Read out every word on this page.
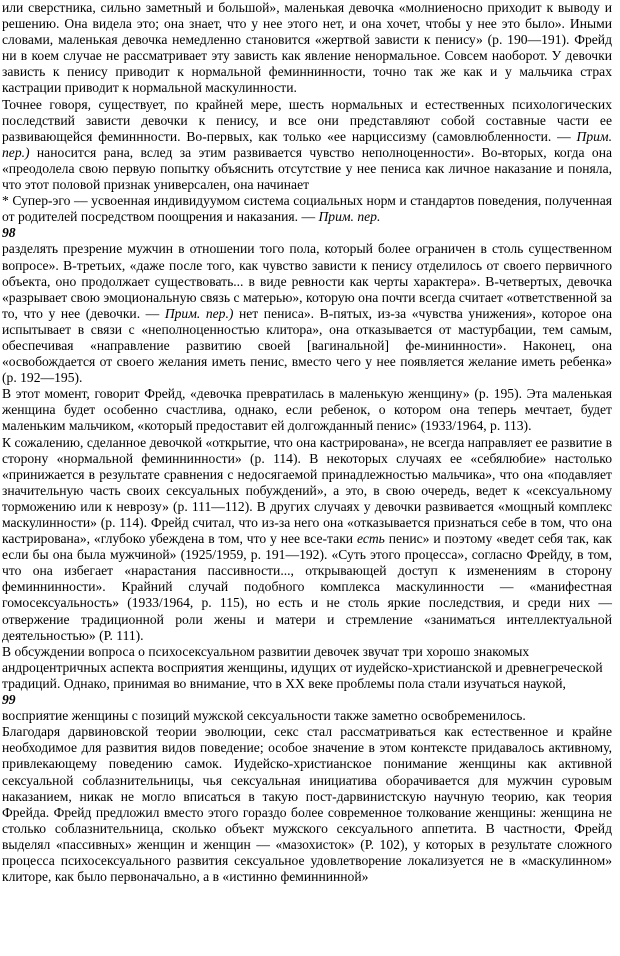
или сверстника, сильно заметный и большой», маленькая девочка «молниеносно приходит к выводу и решению. Она видела это; она знает, что у нее этого нет, и она хочет, чтобы у нее это было». Иными словами, маленькая девочка немедленно становится «жертвой зависти к пенису» (р. 190—191). Фрейд ни в коем случае не рассматривает эту зависть как явление ненормальное. Совсем наоборот. У девочки зависть к пенису приводит к нормальной феминнинности, точно так же как и у мальчика страх кастрации приводит к нормальной маскулинности.

Точнее говоря, существует, по крайней мере, шесть нормальных и естественных психологических последствий зависти девочки к пенису, и все они представляют собой составные части ее развивающейся феминнности. Во-первых, как только «ее нарциссизму (самовлюбленности. — Прим. пер.) наносится рана, вслед за этим развивается чувство неполноценности». Во-вторых, когда она «преодолела свою первую попытку объяснить отсутствие у нее пениса как личное наказание и поняла, что этот половой признак универсален, она начинает

* Супер-эго — усвоенная индивидуумом система социальных норм и стандартов поведения, полученная от родителей посредством поощрения и наказания. — Прим. пер.

98

разделять презрение мужчин в отношении того пола, который более ограничен в столь существенном вопросе». В-третьих, «даже после того, как чувство зависти к пенису отделилось от своего первичного объекта, оно продолжает существовать... в виде ревности как черты характера». В-четвертых, девочка «разрывает свою эмоциональную связь с матерью», которую она почти всегда считает «ответственной за то, что у нее (девочки. — Прим. пер.) нет пениса». В-пятых, из-за «чувства унижения», которое она испытывает в связи с «неполноценностью клитора», она отказывается от мастурбации, тем самым, обеспечивая «направление развитию своей [вагинальной] фе-мининности». Наконец, она «освобождается от своего желания иметь пенис, вместо чего у нее появляется желание иметь ребенка» (р. 192—195).

В этот момент, говорит Фрейд, «девочка превратилась в маленькую женщину» (р. 195). Эта маленькая женщина будет особенно счастлива, однако, если ребенок, о котором она теперь мечтает, будет маленьким мальчиком, «который предоставит ей долгожданный пенис» (1933/1964, р. 113).

К сожалению, сделанное девочкой «открытие, что она кастрирована», не всегда направляет ее развитие в сторону «нормальной феминнинности» (р. 114). В некоторых случаях ее «себялюбие» настолько «принижается в результате сравнения с недосягаемой принадлежностью мальчика», что она «подавляет значительную часть своих сексуальных побуждений», а это, в свою очередь, ведет к «сексуальному торможению или к неврозу» (р. 111—112). В других случаях у девочки развивается «мощный комплекс маскулинности» (р. 114). Фрейд считал, что из-за него она «отказывается признаться себе в том, что она кастрирована», «глубоко убеждена в том, что у нее все-таки есть пенис» и поэтому «ведет себя так, как если бы она была мужчиной» (1925/1959, р. 191—192). «Суть этого процесса», согласно Фрейду, в том, что она избегает «нарастания пассивности..., открывающей доступ к изменениям в сторону феминнинности». Крайний случай подобного комплекса маскулинности — «манифестная гомосексуальность» (1933/1964, р. 115), но есть и не столь яркие последствия, и среди них — отвержение традиционной роли жены и матери и стремление «заниматься интеллектуальной деятельностью» (Р. 111).

В обсуждении вопроса о психосексуальном развитии девочек звучат три хорошо знакомых андроцентричных аспекта восприятия женщины, идущих от иудейско-христианской и древнегреческой традиций. Однако, принимая во внимание, что в XX веке проблемы пола стали изучаться наукой,

99

восприятие женщины с позиций мужской сексуальности также заметно освобременилось.

Благодаря дарвиновской теории эволюции, секс стал рассматриваться как естественное и крайне необходимое для развития видов поведение; особое значение в этом контексте придавалось активному, привлекающему поведению самок. Иудейско-христианское понимание женщины как активной сексуальной соблазнительницы, чья сексуальная инициатива оборачивается для мужчин суровым наказанием, никак не могло вписаться в такую пост-дарвинистскую научную теорию, как теория Фрейда. Фрейд предложил вместо этого гораздо более современное толкование женщины: женщина не столько соблазнительница, сколько объект мужского сексуального аппетита. В частности, Фрейд выделял «пассивных» женщин и женщин — «мазохисток» (Р. 102), у которых в результате сложного процесса психосексуального развития сексуальное удовлетворение локализуется не в «маскулинном» клиторе, как было первоначально, а в «истинно феминнинной»
